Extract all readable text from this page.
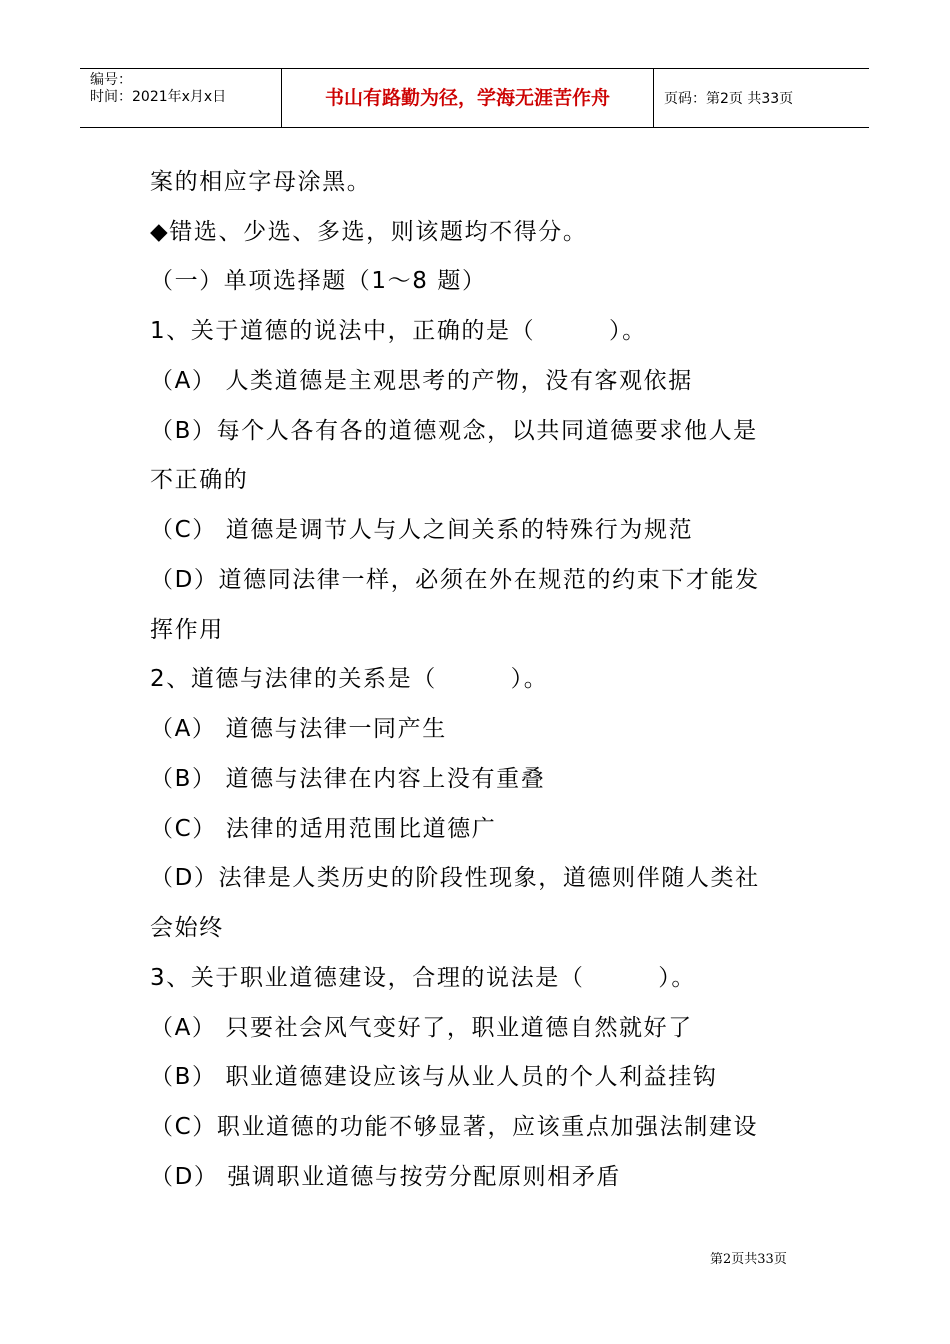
编号：
时间：2021年x月x日	书山有路勤为径，学海无涯苦作舟	页码：第2页 共33页
案的相应字母涂黑。
◆错选、少选、多选，则该题均不得分。
（一）单项选择题（1～8 题）
1、关于道德的说法中，正确的是（　　　）。
（A） 人类道德是主观思考的产物，没有客观依据
（B）每个人各有各的道德观念，以共同道德要求他人是
不正确的
（C） 道德是调节人与人之间关系的特殊行为规范
（D）道德同法律一样，必须在外在规范的约束下才能发
挥作用
2、道德与法律的关系是（　　　）。
（A） 道德与法律一同产生
（B） 道德与法律在内容上没有重叠
（C） 法律的适用范围比道德广
（D）法律是人类历史的阶段性现象，道德则伴随人类社
会始终
3、关于职业道德建设，合理的说法是（　　　）。
（A） 只要社会风气变好了，职业道德自然就好了
（B） 职业道德建设应该与从业人员的个人利益挂钩
（C）职业道德的功能不够显著，应该重点加强法制建设
（D） 强调职业道德与按劳分配原则相矛盾
第2页共33页
